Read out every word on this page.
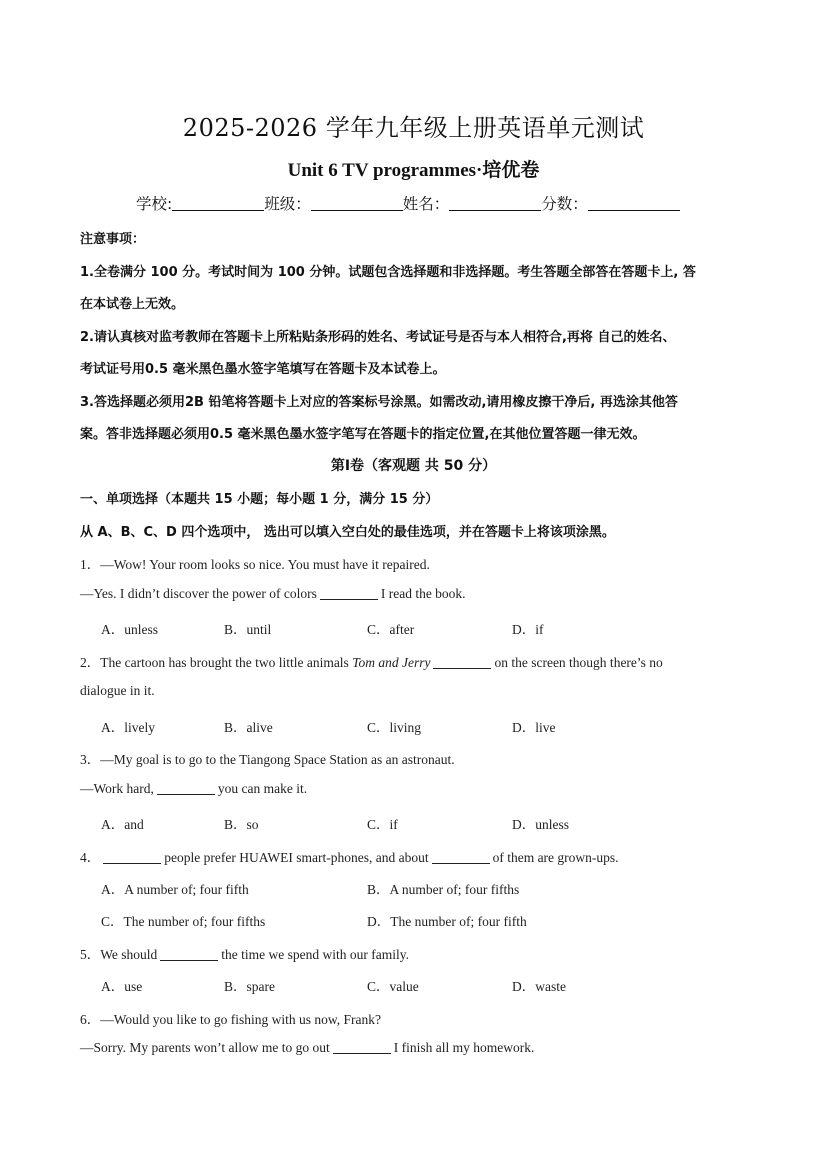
2025-2026 学年九年级上册英语单元测试
Unit 6 TV programmes·培优卷
学校:	班级：	姓名：	分数：
注意事项：
1.全卷满分 100 分。考试时间为 100 分钟。试题包含选择题和非选择题。考生答题全部答在答题卡上, 答
在本试卷上无效。
2.请认真核对监考教师在答题卡上所粘贴条形码的姓名、考试证号是否与本人相符合,再将 自己的姓名、
考试证号用0.5 毫米黑色墨水签字笔填写在答题卡及本试卷上。
3.答选择题必须用2B 铅笔将答题卡上对应的答案标号涂黑。如需改动,请用橡皮擦干净后, 再选涂其他答
案。答非选择题必须用0.5 毫米黑色墨水签字笔写在答题卡的指定位置,在其他位置答题一律无效。
第Ⅰ卷（客观题 共 50 分）
一、单项选择（本题共 15 小题；每小题 1 分，满分 15 分）
从 A、B、C、D 四个选项中， 选出可以填入空白处的最佳选项，并在答题卡上将该项涂黑。
1．—Wow! Your room looks so nice. You must have it repaired.
—Yes. I didn’t discover the power of colors	I read the book.
A．unless	B．until	C．after	D．if
2．The cartoon has brought the two little animals Tom and Jerry	on the screen though there’s no
dialogue in it.
A．lively	B．alive	C．living	D．live
3．—My goal is to go to the Tiangong Space Station as an astronaut.
—Work hard,	you can make it.
A．and	B．so	C．if	D．unless
4．	people prefer HUAWEI smart-phones, and about	of them are grown-ups.
A．A number of; four fifth	B．A number of; four fifths
C．The number of; four fifths	D．The number of; four fifth
5．We should	the time we spend with our family.
A．use	B．spare	C．value	D．waste
6．—Would you like to go fishing with us now, Frank?
—Sorry. My parents won’t allow me to go out	I finish all my homework.
